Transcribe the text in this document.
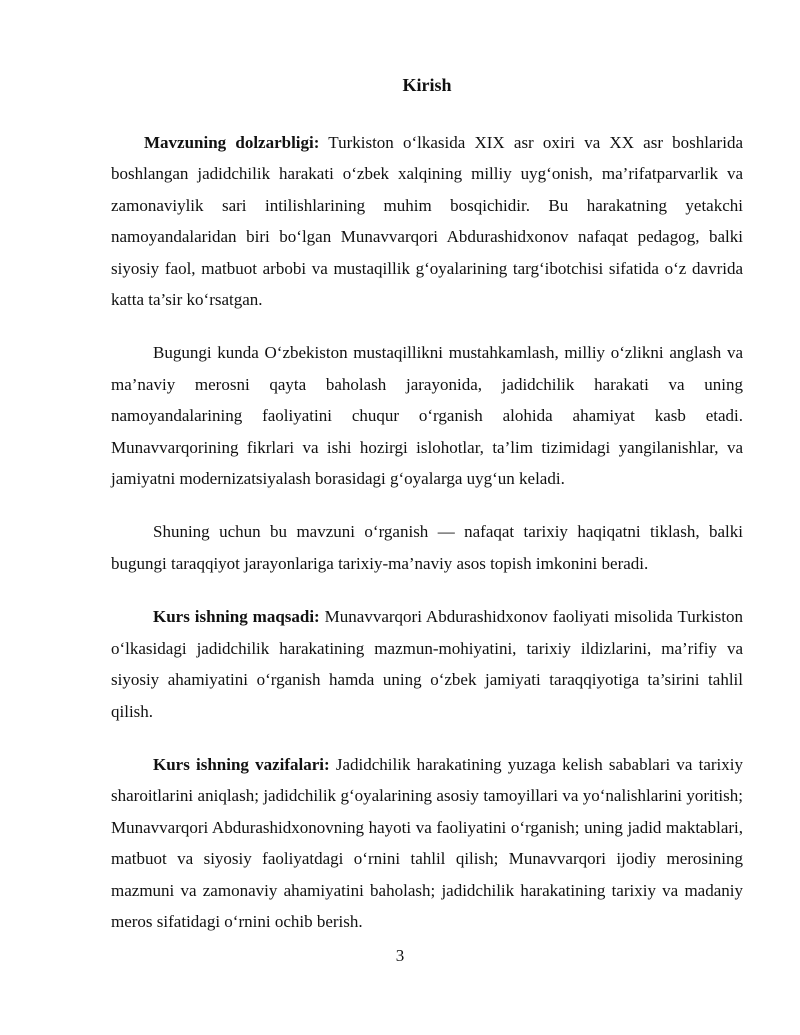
Kirish

Mavzuning dolzarbligi: Turkiston o‘lkasida XIX asr oxiri va XX asr boshlarida boshlangan jadidchilik harakati o‘zbek xalqining milliy uyg‘onish, ma’rifatparvarlik va zamonaviylik sari intilishlarining muhim bosqichidir. Bu harakatning yetakchi namoyandalaridan biri bo‘lgan Munavvarqori Abdurashidxonov nafaqat pedagog, balki siyosiy faol, matbuot arbobi va mustaqillik g‘oyalarining targ‘ibotchisi sifatida o‘z davrida katta ta’sir ko‘rsatgan.

Bugungi kunda O‘zbekiston mustaqillikni mustahkamlash, milliy o‘zlikni anglash va ma’naviy merosni qayta baholash jarayonida, jadidchilik harakati va uning namoyandalarining faoliyatini chuqur o‘rganish alohida ahamiyat kasb etadi. Munavvarqorining fikrlari va ishi hozirgi islohotlar, ta’lim tizimidagi yangilanishlar, va jamiyatni modernizatsiyalash borasidagi g‘oyalarga uyg‘un keladi.

Shuning uchun bu mavzuni o‘rganish — nafaqat tarixiy haqiqatni tiklash, balki bugungi taraqqiyot jarayonlariga tarixiy-ma’naviy asos topish imkonini beradi.

Kurs ishning maqsadi: Munavvarqori Abdurashidxonov faoliyati misolida Turkiston o‘lkasidagi jadidchilik harakatining mazmun-mohiyatini, tarixiy ildizlarini, ma’rifiy va siyosiy ahamiyatini o‘rganish hamda uning o‘zbek jamiyati taraqqiyotiga ta’sirini tahlil qilish.

Kurs ishning vazifalari: Jadidchilik harakatining yuzaga kelish sabablari va tarixiy sharoitlarini aniqlash; jadidchilik g‘oyalarining asosiy tamoyillari va yo‘nalishlarini yoritish; Munavvarqori Abdurashidxonovning hayoti va faoliyatini o‘rganish; uning jadid maktablari, matbuot va siyosiy faoliyatdagi o‘rnini tahlil qilish; Munavvarqori ijodiy merosining mazmuni va zamonaviy ahamiyatini baholash; jadidchilik harakatining tarixiy va madaniy meros sifatidagi o‘rnini ochib berish.

3
